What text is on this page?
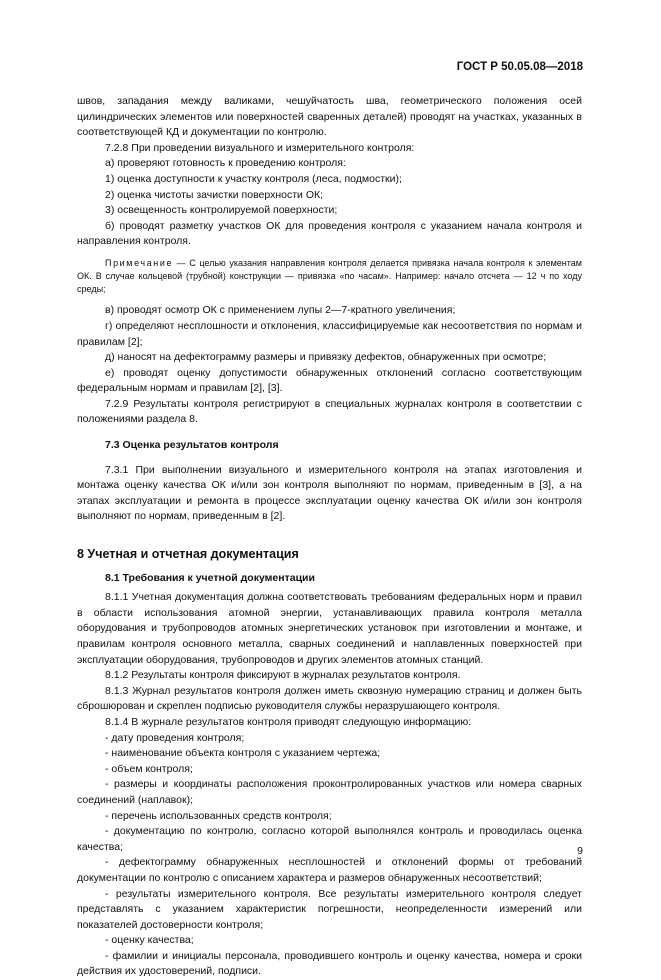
ГОСТ Р 50.05.08—2018

швов, западания между валиками, чешуйчатость шва, геометрического положения осей цилиндрических элементов или поверхностей сваренных деталей) проводят на участках, указанных в соответствующей КД и документации по контролю.

7.2.8 При проведении визуального и измерительного контроля:

а) проверяют готовность к проведению контроля:

1) оценка доступности к участку контроля (леса, подмостки);

2) оценка чистоты зачистки поверхности ОК;

3) освещенность контролируемой поверхности;

б) проводят разметку участков ОК для проведения контроля с указанием начала контроля и направления контроля.

Примечание — С целью указания направления контроля делается привязка начала контроля к элементам ОК. В случае кольцевой (трубной) конструкции — привязка «по часам». Например: начало отсчета — 12 ч по ходу среды;

в) проводят осмотр ОК с применением лупы 2—7-кратного увеличения;

г) определяют несплошности и отклонения, классифицируемые как несоответствия по нормам и правилам [2];

д) наносят на дефектограмму размеры и привязку дефектов, обнаруженных при осмотре;

е) проводят оценку допустимости обнаруженных отклонений согласно соответствующим федеральным нормам и правилам [2], [3].

7.2.9 Результаты контроля регистрируют в специальных журналах контроля в соответствии с положениями раздела 8.

7.3 Оценка результатов контроля

7.3.1 При выполнении визуального и измерительного контроля на этапах изготовления и монтажа оценку качества ОК и/или зон контроля выполняют по нормам, приведенным в [3], а на этапах эксплуатации и ремонта в процессе эксплуатации оценку качества ОК и/или зон контроля выполняют по нормам, приведенным в [2].

8 Учетная и отчетная документация

8.1 Требования к учетной документации

8.1.1 Учетная документация должна соответствовать требованиям федеральных норм и правил в области использования атомной энергии, устанавливающих правила контроля металла оборудования и трубопроводов атомных энергетических установок при изготовлении и монтаже, и правилам контроля основного металла, сварных соединений и наплавленных поверхностей при эксплуатации оборудования, трубопроводов и других элементов атомных станций.

8.1.2 Результаты контроля фиксируют в журналах результатов контроля.

8.1.3 Журнал результатов контроля должен иметь сквозную нумерацию страниц и должен быть сброшюрован и скреплен подписью руководителя службы неразрушающего контроля.

8.1.4 В журнале результатов контроля приводят следующую информацию:

- дату проведения контроля;

- наименование объекта контроля с указанием чертежа;

- объем контроля;

- размеры и координаты расположения проконтролированных участков или номера сварных соединений (наплавок);

- перечень использованных средств контроля;

- документацию по контролю, согласно которой выполнялся контроль и проводилась оценка качества;

- дефектограмму обнаруженных несплошностей и отклонений формы от требований документации по контролю с описанием характера и размеров обнаруженных несоответствий;

- результаты измерительного контроля. Все результаты измерительного контроля следует представлять с указанием характеристик погрешности, неопределенности измерений или показателей достоверности контроля;

- оценку качества;

- фамилии и инициалы персонала, проводившего контроль и оценку качества, номера и сроки действия их удостоверений, подписи.

9
